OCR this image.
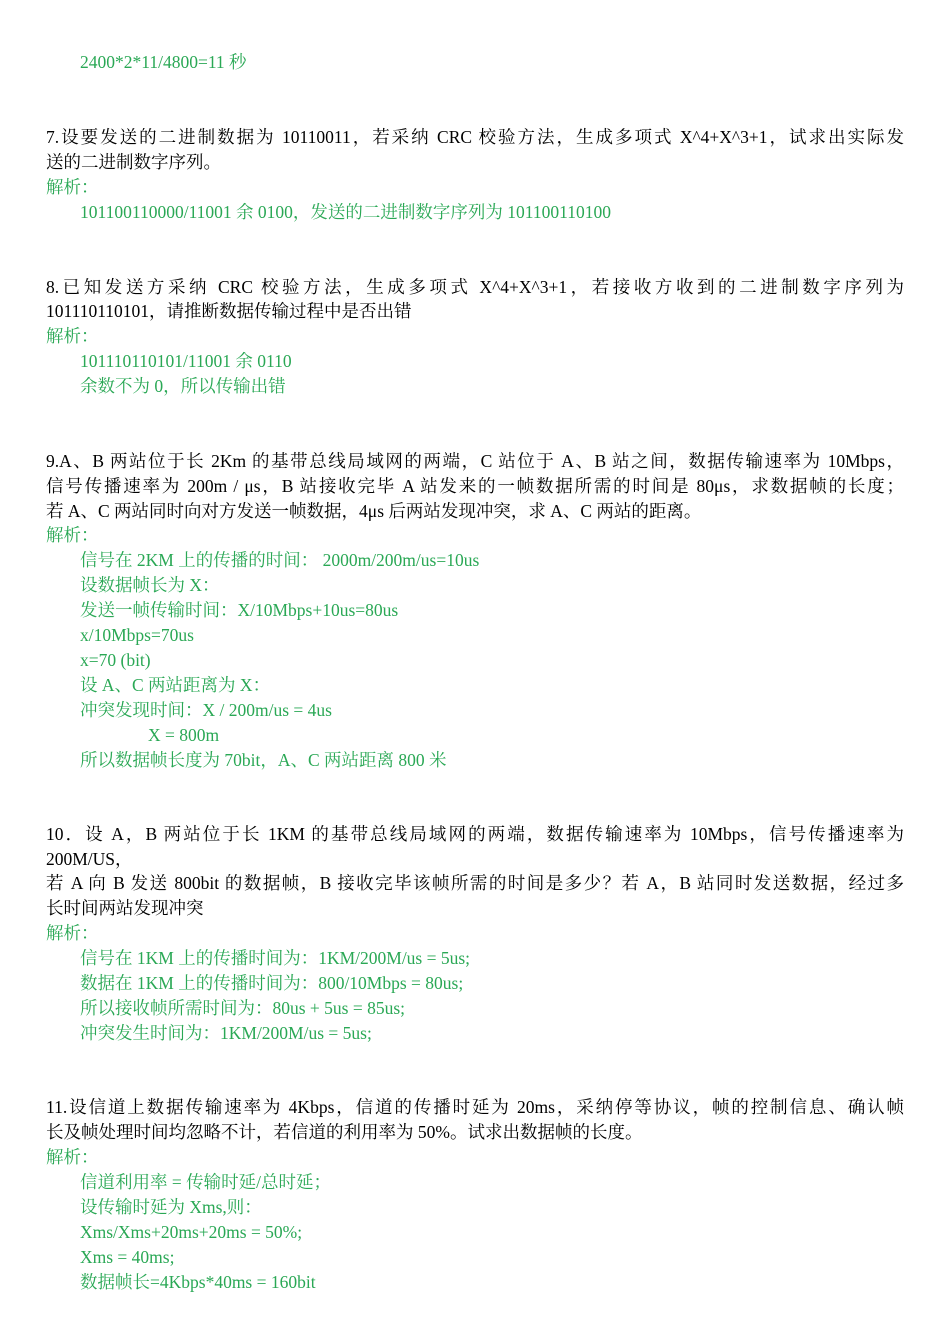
2400*2*11/4800=11 秒
7.设要发送的二进制数据为 10110011，若采纳 CRC 校验方法，生成多项式 X^4+X^3+1，试求出实际发
送的二进制数字序列。
解析：
101100110000/11001 余 0100，发送的二进制数字序列为 101100110100
8.已知发送方采纳 CRC 校验方法，生成多项式 X^4+X^3+1，若接收方收到的二进制数字序列为
101110110101，请推断数据传输过程中是否出错
解析：
101110110101/11001 余 0110
余数不为 0，所以传输出错
9.A、B 两站位于长 2Km 的基带总线局域网的两端，C 站位于 A、B 站之间，数据传输速率为 10Mbps，
信号传播速率为 200m / μs，B 站接收完毕 A 站发来的一帧数据所需的时间是 80μs，求数据帧的长度；
若 A、C 两站同时向对方发送一帧数据，4μs 后两站发现冲突，求 A、C 两站的距离。
解析：
信号在 2KM 上的传播的时间： 2000m/200m/us=10us
设数据帧长为 X：
发送一帧传输时间：X/10Mbps+10us=80us
x/10Mbps=70us
x=70 (bit)
设 A、C 两站距离为 X：
冲突发现时间：X / 200m/us = 4us
X = 800m
所以数据帧长度为 70bit，A、C 两站距离 800 米
10．设 A，B 两站位于长 1KM 的基带总线局域网的两端，数据传输速率为 10Mbps，信号传播速率为
200M/US，
若 A 向 B 发送 800bit 的数据帧，B 接收完毕该帧所需的时间是多少？若 A，B 站同时发送数据，经过多
长时间两站发现冲突
解析：
信号在 1KM 上的传播时间为：1KM/200M/us = 5us;
数据在 1KM 上的传播时间为：800/10Mbps = 80us;
所以接收帧所需时间为：80us + 5us = 85us;
冲突发生时间为：1KM/200M/us = 5us;
11.设信道上数据传输速率为 4Kbps，信道的传播时延为 20ms，采纳停等协议，帧的控制信息、确认帧
长及帧处理时间均忽略不计，若信道的利用率为 50%。试求出数据帧的长度。
解析：
信道利用率 = 传输时延/总时延；
设传输时延为 Xms,则：
Xms/Xms+20ms+20ms = 50%;
Xms = 40ms;
数据帧长=4Kbps*40ms = 160bit
